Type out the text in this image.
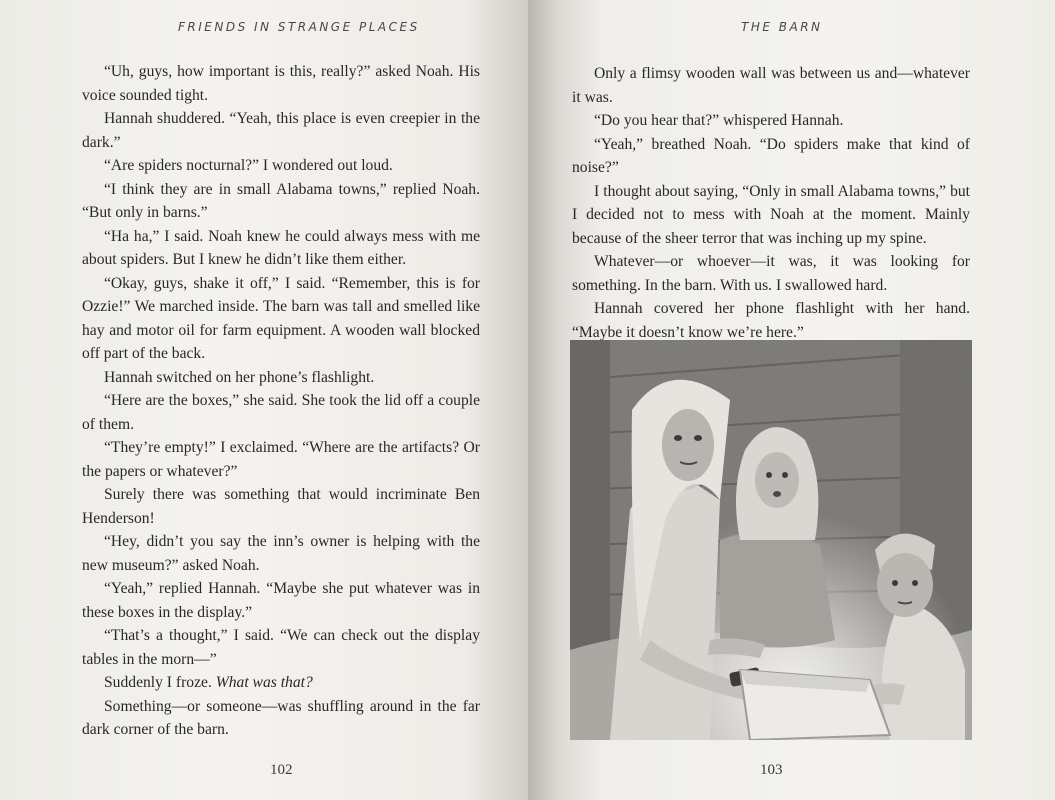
FRIENDS IN STRANGE PLACES

“Uh, guys, how important is this, really?” asked Noah. His voice sounded tight.

Hannah shuddered. “Yeah, this place is even creepier in the dark.”

“Are spiders nocturnal?” I wondered out loud.

“I think they are in small Alabama towns,” replied Noah. “But only in barns.”

“Ha ha,” I said. Noah knew he could always mess with me about spiders. But I knew he didn’t like them either.

“Okay, guys, shake it off,” I said. “Remember, this is for Ozzie!” We marched inside. The barn was tall and smelled like hay and motor oil for farm equipment. A wooden wall blocked off part of the back.

Hannah switched on her phone’s flashlight.

“Here are the boxes,” she said. She took the lid off a couple of them.

“They’re empty!” I exclaimed. “Where are the artifacts? Or the papers or whatever?”

Surely there was something that would incriminate Ben Henderson!

“Hey, didn’t you say the inn’s owner is helping with the new museum?” asked Noah.

“Yeah,” replied Hannah. “Maybe she put whatever was in these boxes in the display.”

“That’s a thought,” I said. “We can check out the display tables in the morn—”

Suddenly I froze. What was that?

Something—or someone—was shuffling around in the far dark corner of the barn.

102
THE BARN

Only a flimsy wooden wall was between us and—whatever it was.

“Do you hear that?” whispered Hannah.

“Yeah,” breathed Noah. “Do spiders make that kind of noise?”

I thought about saying, “Only in small Alabama towns,” but I decided not to mess with Noah at the moment. Mainly because of the sheer terror that was inching up my spine.

Whatever—or whoever—it was, it was looking for something. In the barn. With us. I swallowed hard.

Hannah covered her phone flashlight with her hand. “Maybe it doesn’t know we’re here.”

103
